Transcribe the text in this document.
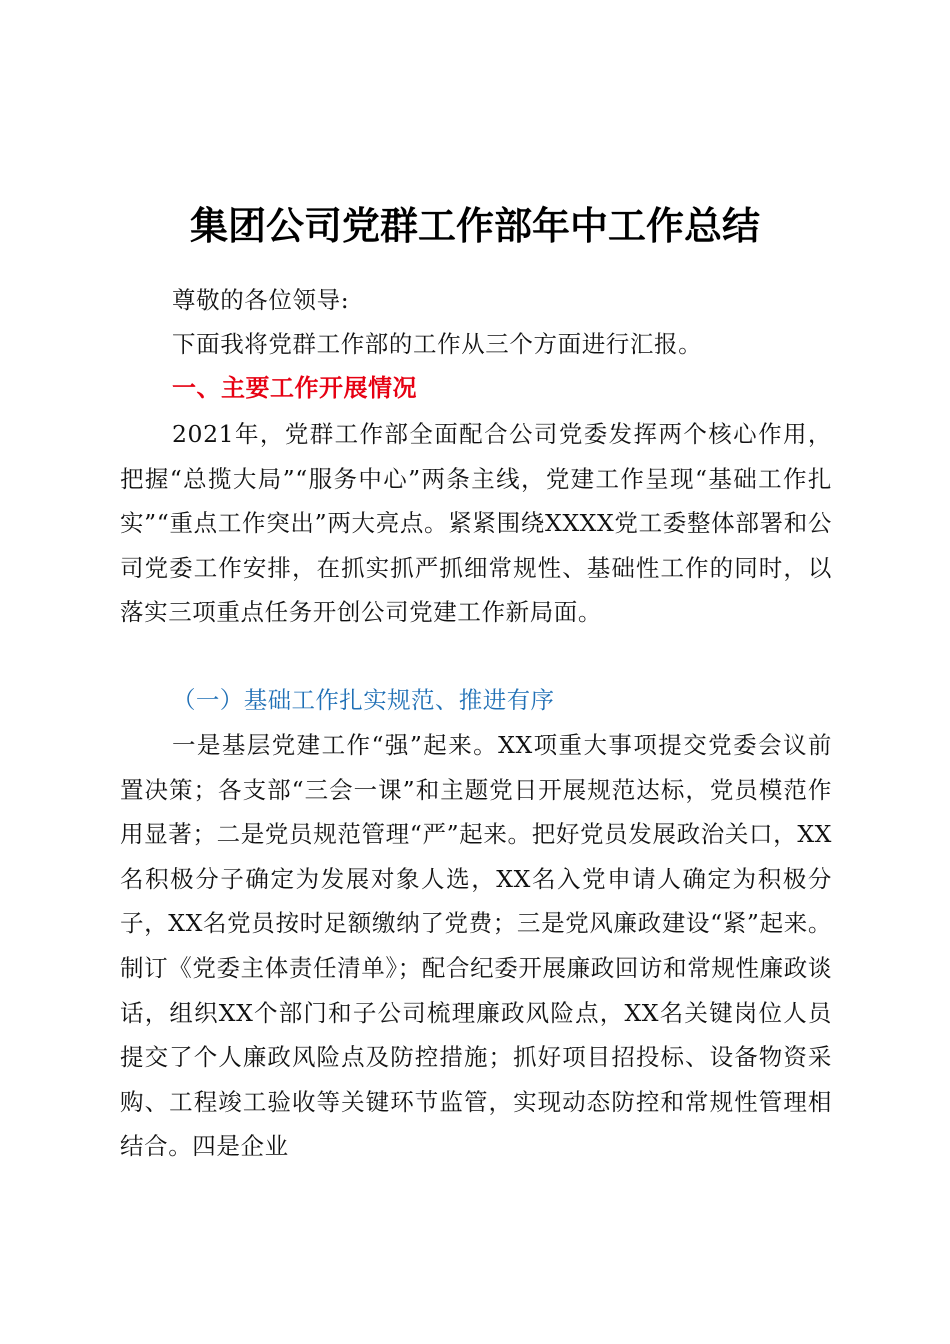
集团公司党群工作部年中工作总结
尊敬的各位领导:
下面我将党群工作部的工作从三个方面进行汇报。
一、主要工作开展情况
2021年，党群工作部全面配合公司党委发挥两个核心作用，把握“总揽大局”“服务中心”两条主线，党建工作呈现“基础工作扎实”“重点工作突出”两大亮点。紧紧围绕XXXX党工委整体部署和公司党委工作安排，在抓实抓严抓细常规性、基础性工作的同时，以落实三项重点任务开创公司党建工作新局面。
（一）基础工作扎实规范、推进有序
一是基层党建工作“强”起来。XX项重大事项提交党委会议前置决策；各支部“三会一课”和主题党日开展规范达标，党员模范作用显著；二是党员规范管理“严”起来。把好党员发展政治关口，XX名积极分子确定为发展对象人选，XX名入党申请人确定为积极分子，XX名党员按时足额缴纳了党费；三是党风廉政建设“紧”起来。制订《党委主体责任清单》；配合纪委开展廉政回访和常规性廉政谈话，组织XX个部门和子公司梳理廉政风险点，XX名关键岗位人员提交了个人廉政风险点及防控措施；抓好项目招投标、设备物资采购、工程竣工验收等关键环节监管，实现动态防控和常规性管理相结合。四是企业
